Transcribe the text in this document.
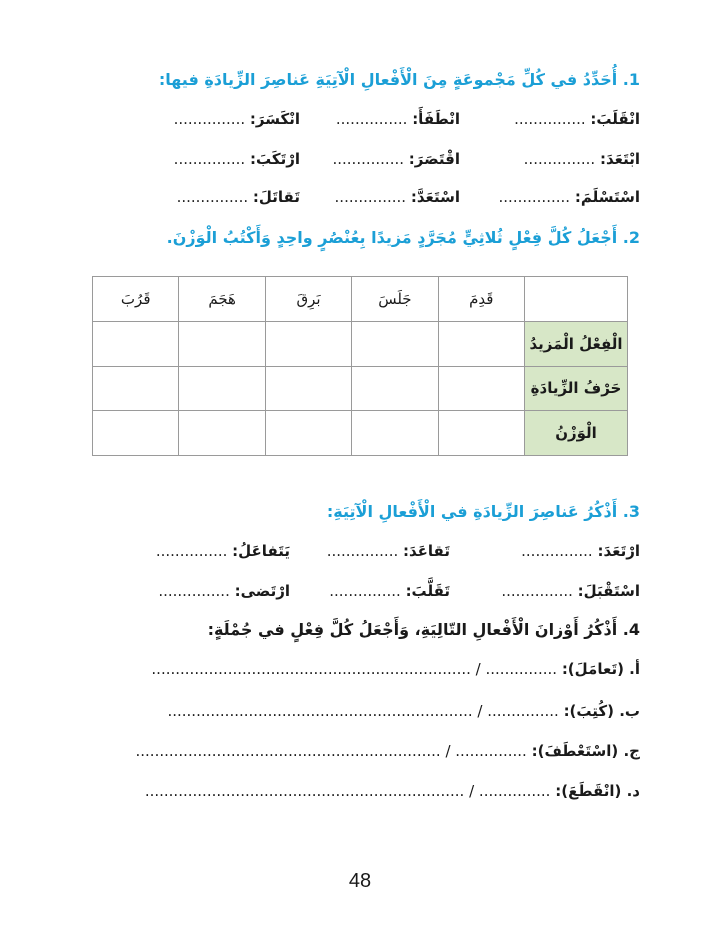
1. أُحَدِّدُ في كُلِّ مَجْموعَةٍ مِنَ الْأَفْعالِ الْآتِيَةِ عَناصِرَ الزِّيادَةِ فيها:
انْقَلَبَ: ...............
انْطَفَأَ: ...............
انْكَسَرَ: ...............
ابْتَعَدَ: ...............
اقْتَصَرَ: ...............
ارْتَكَبَ: ...............
اسْتَسْلَمَ: ...............
اسْتَعَدَّ: ...............
تَقاتَلَ: ...............
2. أَجْعَلُ كُلَّ فِعْلٍ ثُلاثِيٍّ مُجَرَّدٍ مَزيدًا بِعُنْصُرٍ واحِدٍ وَأَكْتُبُ الْوَزْنَ.
	قَدِمَ	جَلَسَ	بَرِقَ	هَجَمَ	قَرُبَ
الْفِعْلُ الْمَزيدُ					
حَرْفُ الزِّيادَةِ					
الْوَزْنُ					
3. أَذْكُرُ عَناصِرَ الزِّيادَةِ في الْأَفْعالِ الْآتِيَةِ:
ارْتَعَدَ: ...............
تَقاعَدَ: ...............
يَتَفاعَلُ: ...............
اسْتَقْبَلَ: ...............
تَقَلَّبَ: ...............
ارْتَضى: ...............
4. أَذْكُرُ أَوْزانَ الْأَفْعالِ التّالِيَةِ، وَأَجْعَلُ كُلَّ فِعْلٍ في جُمْلَةٍ:
أ. (تَعامَلَ): ............... / ...................................................................
ب. (كُتِبَ): ............... / ................................................................
ج. (اسْتَعْطَفَ): ............... / ................................................................
د. (انْقَطَعَ): ............... / ...................................................................
48
